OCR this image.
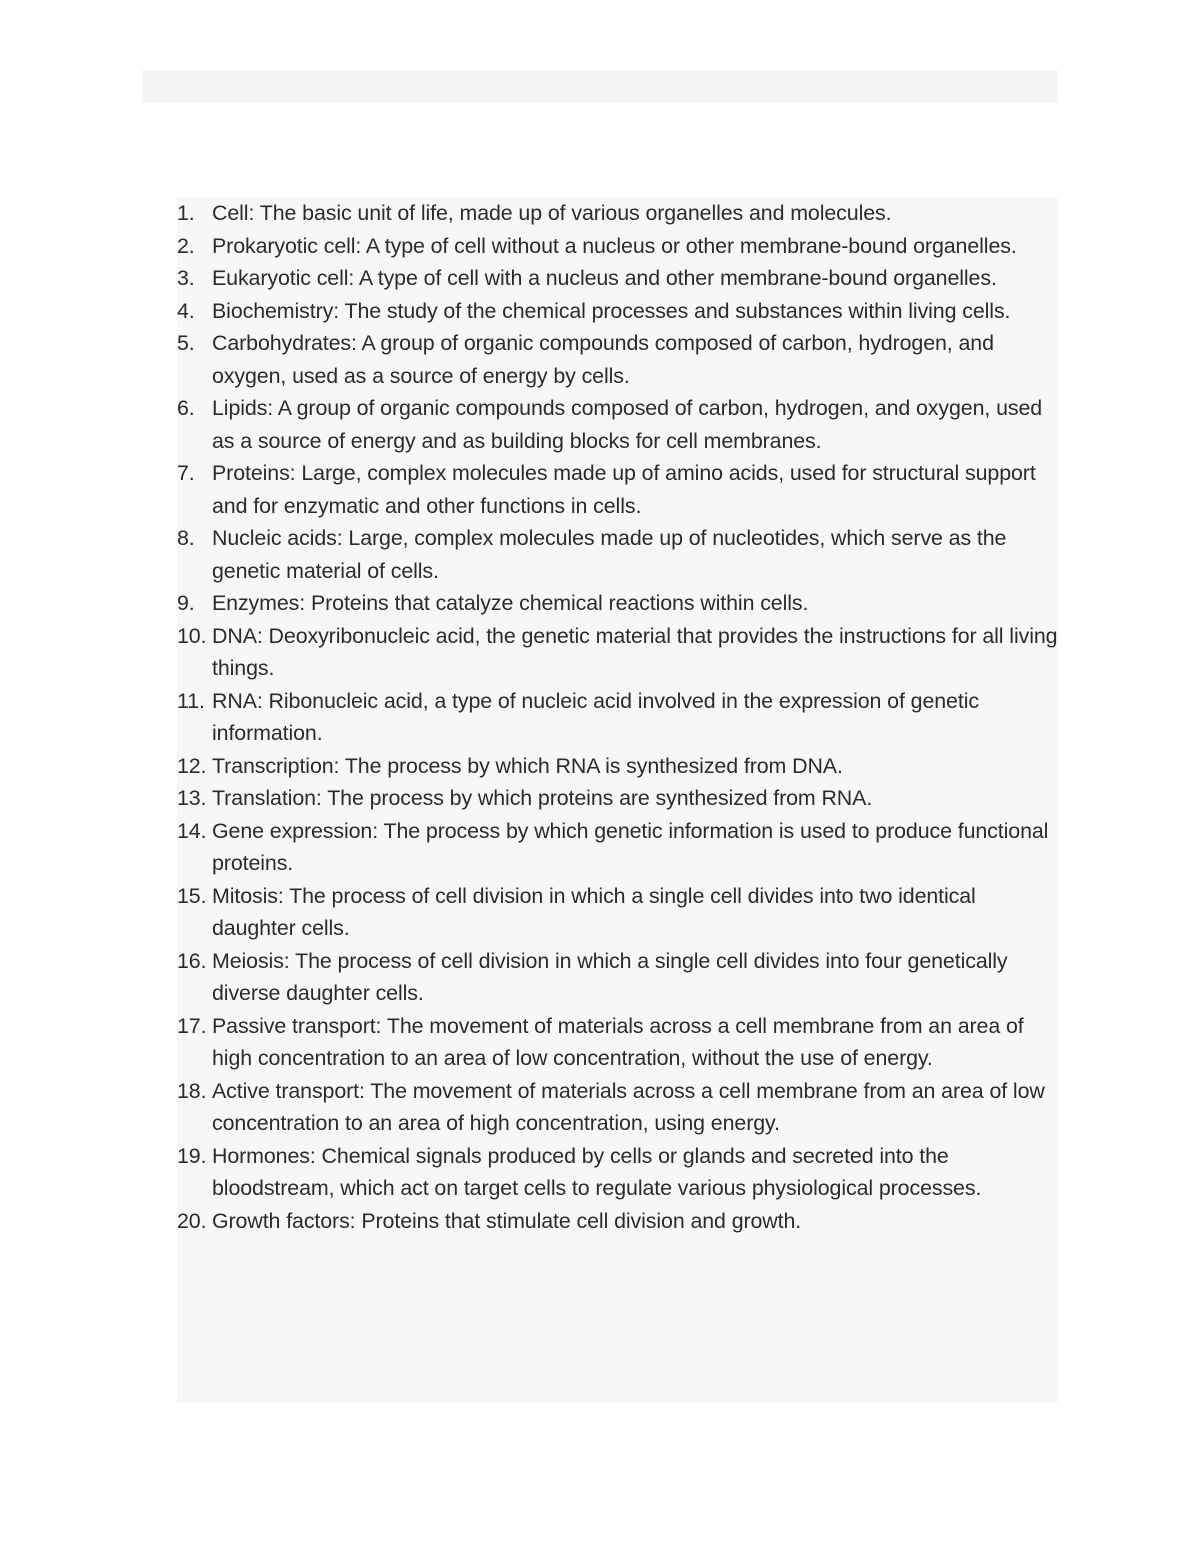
1. Cell: The basic unit of life, made up of various organelles and molecules.
2. Prokaryotic cell: A type of cell without a nucleus or other membrane-bound organelles.
3. Eukaryotic cell: A type of cell with a nucleus and other membrane-bound organelles.
4. Biochemistry: The study of the chemical processes and substances within living cells.
5. Carbohydrates: A group of organic compounds composed of carbon, hydrogen, and oxygen, used as a source of energy by cells.
6. Lipids: A group of organic compounds composed of carbon, hydrogen, and oxygen, used as a source of energy and as building blocks for cell membranes.
7. Proteins: Large, complex molecules made up of amino acids, used for structural support and for enzymatic and other functions in cells.
8. Nucleic acids: Large, complex molecules made up of nucleotides, which serve as the genetic material of cells.
9. Enzymes: Proteins that catalyze chemical reactions within cells.
10. DNA: Deoxyribonucleic acid, the genetic material that provides the instructions for all living things.
11. RNA: Ribonucleic acid, a type of nucleic acid involved in the expression of genetic information.
12. Transcription: The process by which RNA is synthesized from DNA.
13. Translation: The process by which proteins are synthesized from RNA.
14. Gene expression: The process by which genetic information is used to produce functional proteins.
15. Mitosis: The process of cell division in which a single cell divides into two identical daughter cells.
16. Meiosis: The process of cell division in which a single cell divides into four genetically diverse daughter cells.
17. Passive transport: The movement of materials across a cell membrane from an area of high concentration to an area of low concentration, without the use of energy.
18. Active transport: The movement of materials across a cell membrane from an area of low concentration to an area of high concentration, using energy.
19. Hormones: Chemical signals produced by cells or glands and secreted into the bloodstream, which act on target cells to regulate various physiological processes.
20. Growth factors: Proteins that stimulate cell division and growth.
